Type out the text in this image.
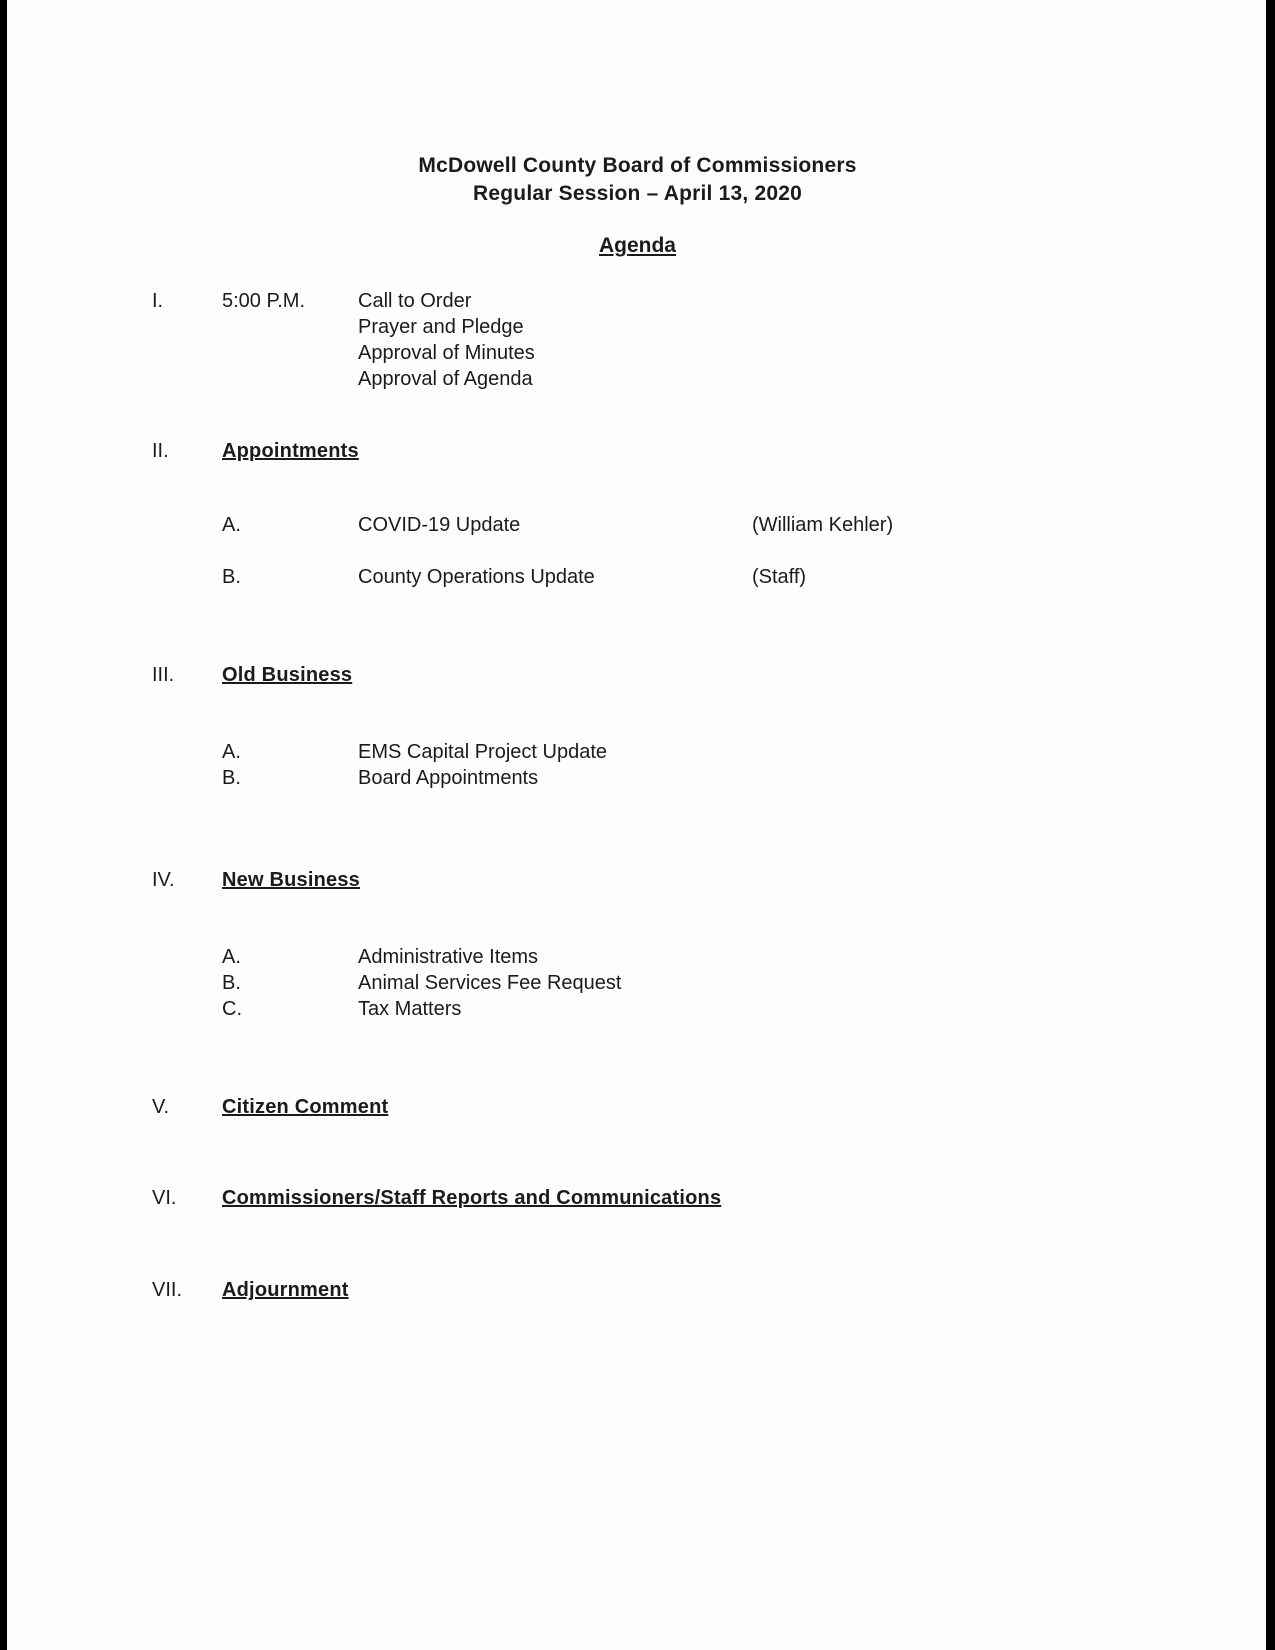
McDowell County Board of Commissioners
Regular Session – April 13, 2020
Agenda
I.	5:00 P.M.	Call to Order
Prayer and Pledge
Approval of Minutes
Approval of Agenda
II.	Appointments
A.	COVID-19 Update	(William Kehler)
B.	County Operations Update	(Staff)
III.	Old Business
A.	EMS Capital Project Update
B.	Board Appointments
IV.	New Business
A.	Administrative Items
B.	Animal Services Fee Request
C.	Tax Matters
V.	Citizen Comment
VI.	Commissioners/Staff Reports and Communications
VII.	Adjournment
